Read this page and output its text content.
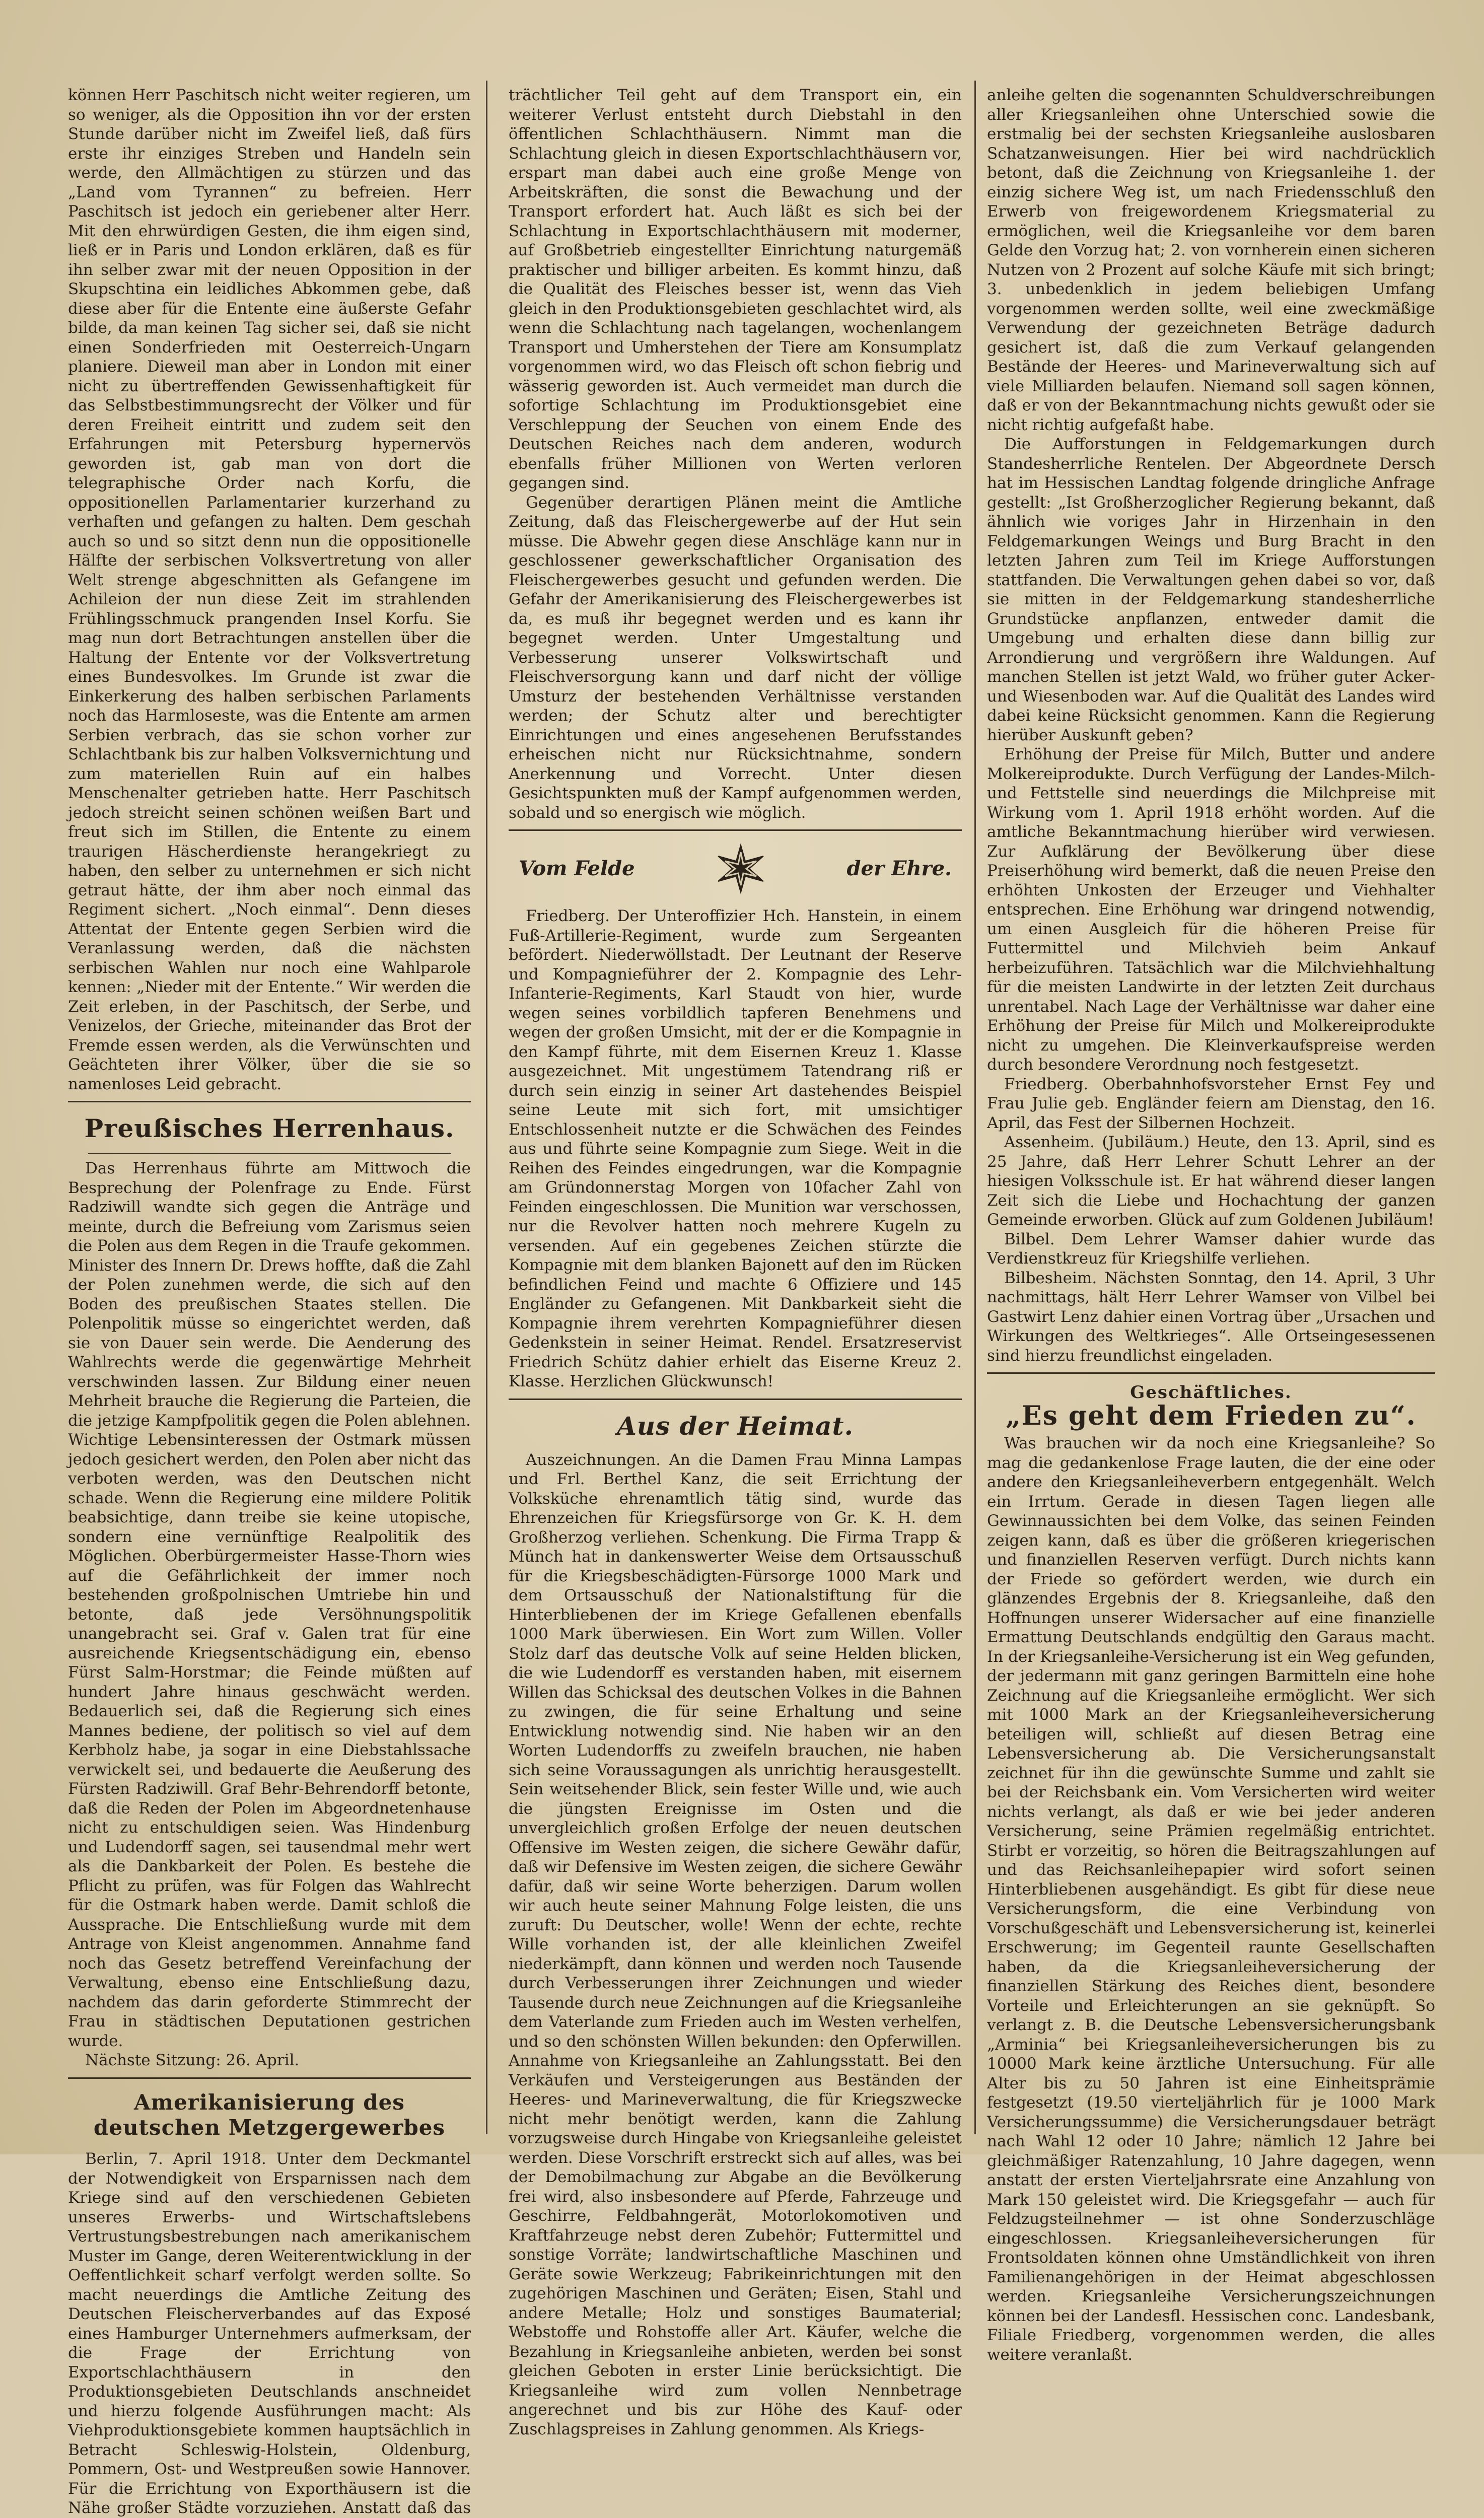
können Herr Paschitsch nicht weiter regieren, um so weniger, als die Opposition ihn vor der ersten Stunde darüber nicht im Zweifel ließ, daß fürs erste ihr einziges Streben und Handeln sein werde, den Allmächtigen zu stürzen und das „Land vom Tyrannen“ zu befreien. Herr Paschitsch ist jedoch ein geriebener alter Herr. Mit den ehrwürdigen Gesten, die ihm eigen sind, ließ er in Paris und London erklären, daß es für ihn selber zwar mit der neuen Opposition in der Skupschtina ein leidliches Abkommen gebe, daß diese aber für die Entente eine äußerste Gefahr bilde, da man keinen Tag sicher sei, daß sie nicht einen Sonderfrieden mit Oesterreich-Ungarn planiere. Dieweil man aber in London mit einer nicht zu übertreffenden Gewissenhaftigkeit für das Selbstbestimmungsrecht der Völker und für deren Freiheit eintritt und zudem seit den Erfahrungen mit Petersburg hypernervös geworden ist, gab man von dort die telegraphische Order nach Korfu, die oppositionellen Parlamentarier kurzerhand zu verhaften und gefangen zu halten. Dem geschah auch so und so sitzt denn nun die oppositionelle Hälfte der serbischen Volksvertretung von aller Welt strenge abgeschnitten als Gefangene im Achileion der nun diese Zeit im strahlenden Frühlingsschmuck prangenden Insel Korfu. Sie mag nun dort Betrachtungen anstellen über die Haltung der Entente vor der Volksvertretung eines Bundesvolkes. Im Grunde ist zwar die Einkerkerung des halben serbischen Parlaments noch das Harmloseste, was die Entente am armen Serbien verbrach, das sie schon vorher zur Schlachtbank bis zur halben Volksvernichtung und zum materiellen Ruin auf ein halbes Menschenalter getrieben hatte. Herr Paschitsch jedoch streicht seinen schönen weißen Bart und freut sich im Stillen, die Entente zu einem traurigen Häscherdienste herangekriegt zu haben, den selber zu unternehmen er sich nicht getraut hätte, der ihm aber noch einmal das Regiment sichert. „Noch einmal“. Denn dieses Attentat der Entente gegen Serbien wird die Veranlassung werden, daß die nächsten serbischen Wahlen nur noch eine Wahlparole kennen: „Nieder mit der Entente.“ Wir werden die Zeit erleben, in der Paschitsch, der Serbe, und Venizelos, der Grieche, miteinander das Brot der Fremde essen werden, als die Verwünschten und Geächteten ihrer Völker, über die sie so namenloses Leid gebracht.

Preußisches Herrenhaus.

Das Herrenhaus führte am Mittwoch die Besprechung der Polenfrage zu Ende. Fürst Radziwill wandte sich gegen die Anträge und meinte, durch die Befreiung vom Zarismus seien die Polen aus dem Regen in die Traufe gekommen. Minister des Innern Dr. Drews hoffte, daß die Zahl der Polen zunehmen werde, die sich auf den Boden des preußischen Staates stellen. Die Polenpolitik müsse so eingerichtet werden, daß sie von Dauer sein werde. Die Aenderung des Wahlrechts werde die gegenwärtige Mehrheit verschwinden lassen. Zur Bildung einer neuen Mehrheit brauche die Regierung die Parteien, die die jetzige Kampfpolitik gegen die Polen ablehnen. Wichtige Lebensinteressen der Ostmark müssen jedoch gesichert werden, den Polen aber nicht das verboten werden, was den Deutschen nicht schade. Wenn die Regierung eine mildere Politik beabsichtige, dann treibe sie keine utopische, sondern eine vernünftige Realpolitik des Möglichen. Oberbürgermeister Hasse-Thorn wies auf die Gefährlichkeit der immer noch bestehenden großpolnischen Umtriebe hin und betonte, daß jede Versöhnungspolitik unangebracht sei. Graf v. Galen trat für eine ausreichende Kriegsentschädigung ein, ebenso Fürst Salm-Horstmar; die Feinde müßten auf hundert Jahre hinaus geschwächt werden. Bedauerlich sei, daß die Regierung sich eines Mannes bediene, der politisch so viel auf dem Kerbholz habe, ja sogar in eine Diebstahlssache verwickelt sei, und bedauerte die Aeußerung des Fürsten Radziwill. Graf Behr-Behrendorff betonte, daß die Reden der Polen im Abgeordnetenhause nicht zu entschuldigen seien. Was Hindenburg und Ludendorff sagen, sei tausendmal mehr wert als die Dankbarkeit der Polen. Es bestehe die Pflicht zu prüfen, was für Folgen das Wahlrecht für die Ostmark haben werde. Damit schloß die Aussprache. Die Entschließung wurde mit dem Antrage von Kleist angenommen. Annahme fand noch das Gesetz betreffend Vereinfachung der Verwaltung, ebenso eine Entschließung dazu, nachdem das darin geforderte Stimmrecht der Frau in städtischen Deputationen gestrichen wurde.

Nächste Sitzung: 26. April.

Amerikanisierung des deutschen Metzgergewerbes

Berlin, 7. April 1918. Unter dem Deckmantel der Notwendigkeit von Ersparnissen nach dem Kriege sind auf den verschiedenen Gebieten unseres Erwerbs- und Wirtschaftslebens Vertrustungsbestrebungen nach amerikanischem Muster im Gange, deren Weiterentwicklung in der Oeffentlichkeit scharf verfolgt werden sollte. So macht neuerdings die Amtliche Zeitung des Deutschen Fleischerverbandes auf das Exposé eines Hamburger Unternehmers aufmerksam, der die Frage der Errichtung von Exportschlachthäusern in den Produktionsgebieten Deutschlands anschneidet und hierzu folgende Ausführungen macht: Als Viehproduktionsgebiete kommen hauptsächlich in Betracht Schleswig-Holstein, Oldenburg, Pommern, Ost- und Westpreußen sowie Hannover. Für die Errichtung von Exporthäusern ist die Nähe großer Städte vorzuziehen. Anstatt daß das

trächtlicher Teil geht auf dem Transport ein, ein weiterer Verlust entsteht durch Diebstahl in den öffentlichen Schlachthäusern. Nimmt man die Schlachtung gleich in diesen Exportschlachthäusern vor, erspart man dabei auch eine große Menge von Arbeitskräften, die sonst die Bewachung und der Transport erfordert hat. Auch läßt es sich bei der Schlachtung in Exportschlachthäusern mit moderner, auf Großbetrieb eingestellter Einrichtung naturgemäß praktischer und billiger arbeiten. Es kommt hinzu, daß die Qualität des Fleisches besser ist, wenn das Vieh gleich in den Produktionsgebieten geschlachtet wird, als wenn die Schlachtung nach tagelangen, wochenlangem Transport und Umherstehen der Tiere am Konsumplatz vorgenommen wird, wo das Fleisch oft schon fiebrig und wässerig geworden ist. Auch vermeidet man durch die sofortige Schlachtung im Produktionsgebiet eine Verschleppung der Seuchen von einem Ende des Deutschen Reiches nach dem anderen, wodurch ebenfalls früher Millionen von Werten verloren gegangen sind.

Gegenüber derartigen Plänen meint die Amtliche Zeitung, daß das Fleischergewerbe auf der Hut sein müsse. Die Abwehr gegen diese Anschläge kann nur in geschlossener gewerkschaftlicher Organisation des Fleischergewerbes gesucht und gefunden werden. Die Gefahr der Amerikanisierung des Fleischergewerbes ist da, es muß ihr begegnet werden und es kann ihr begegnet werden. Unter Umgestaltung und Verbesserung unserer Volkswirtschaft und Fleischversorgung kann und darf nicht der völlige Umsturz der bestehenden Verhältnisse verstanden werden; der Schutz alter und berechtigter Einrichtungen und eines angesehenen Berufsstandes erheischen nicht nur Rücksichtnahme, sondern Anerkennung und Vorrecht. Unter diesen Gesichtspunkten muß der Kampf aufgenommen werden, sobald und so energisch wie möglich.

Vom Felde	der Ehre.

Friedberg. Der Unteroffizier Hch. Hanstein, in einem Fuß-Artillerie-Regiment, wurde zum Sergeanten befördert. Niederwöllstadt. Der Leutnant der Reserve und Kompagnieführer der 2. Kompagnie des Lehr-Infanterie-Regiments, Karl Staudt von hier, wurde wegen seines vorbildlich tapferen Benehmens und wegen der großen Umsicht, mit der er die Kompagnie in den Kampf führte, mit dem Eisernen Kreuz 1. Klasse ausgezeichnet. Mit ungestümem Tatendrang riß er durch sein einzig in seiner Art dastehendes Beispiel seine Leute mit sich fort, mit umsichtiger Entschlossenheit nutzte er die Schwächen des Feindes aus und führte seine Kompagnie zum Siege. Weit in die Reihen des Feindes eingedrungen, war die Kompagnie am Gründonnerstag Morgen von 10facher Zahl von Feinden eingeschlossen. Die Munition war verschossen, nur die Revolver hatten noch mehrere Kugeln zu versenden. Auf ein gegebenes Zeichen stürzte die Kompagnie mit dem blanken Bajonett auf den im Rücken befindlichen Feind und machte 6 Offiziere und 145 Engländer zu Gefangenen. Mit Dankbarkeit sieht die Kompagnie ihrem verehrten Kompagnieführer diesen Gedenkstein in seiner Heimat. Rendel. Ersatzreservist Friedrich Schütz dahier erhielt das Eiserne Kreuz 2. Klasse. Herzlichen Glückwunsch!

Aus der Heimat.

Auszeichnungen. An die Damen Frau Minna Lampas und Frl. Berthel Kanz, die seit Errichtung der Volksküche ehrenamtlich tätig sind, wurde das Ehrenzeichen für Kriegsfürsorge von Gr. K. H. dem Großherzog verliehen. Schenkung. Die Firma Trapp & Münch hat in dankenswerter Weise dem Ortsausschuß für die Kriegsbeschädigten-Fürsorge 1000 Mark und dem Ortsausschuß der Nationalstiftung für die Hinterbliebenen der im Kriege Gefallenen ebenfalls 1000 Mark überwiesen. Ein Wort zum Willen. Voller Stolz darf das deutsche Volk auf seine Helden blicken, die wie Ludendorff es verstanden haben, mit eisernem Willen das Schicksal des deutschen Volkes in die Bahnen zu zwingen, die für seine Erhaltung und seine Entwicklung notwendig sind. Nie haben wir an den Worten Ludendorffs zu zweifeln brauchen, nie haben sich seine Voraussagungen als unrichtig herausgestellt. Sein weitsehender Blick, sein fester Wille und, wie auch die jüngsten Ereignisse im Osten und die unvergleichlich großen Erfolge der neuen deutschen Offensive im Westen zeigen, die sichere Gewähr dafür, daß wir Defensive im Westen zeigen, die sichere Gewähr dafür, daß wir seine Worte beherzigen. Darum wollen wir auch heute seiner Mahnung Folge leisten, die uns zuruft: Du Deutscher, wolle! Wenn der echte, rechte Wille vorhanden ist, der alle kleinlichen Zweifel niederkämpft, dann können und werden noch Tausende durch Verbesserungen ihrer Zeichnungen und wieder Tausende durch neue Zeichnungen auf die Kriegsanleihe dem Vaterlande zum Frieden auch im Westen verhelfen, und so den schönsten Willen bekunden: den Opferwillen. Annahme von Kriegsanleihe an Zahlungsstatt. Bei den Verkäufen und Versteigerungen aus Beständen der Heeres- und Marineverwaltung, die für Kriegszwecke nicht mehr benötigt werden, kann die Zahlung vorzugsweise durch Hingabe von Kriegsanleihe geleistet werden. Diese Vorschrift erstreckt sich auf alles, was bei der Demobilmachung zur Abgabe an die Bevölkerung frei wird, also insbesondere auf Pferde, Fahrzeuge und Geschirre, Feldbahngerät, Motorlokomotiven und Kraftfahrzeuge nebst deren Zubehör; Futtermittel und sonstige Vorräte; landwirtschaftliche Maschinen und Geräte sowie Werkzeug; Fabrikeinrichtungen mit den zugehörigen Maschinen und Geräten; Eisen, Stahl und andere Metalle; Holz und sonstiges Baumaterial; Webstoffe und Rohstoffe aller Art. Käufer, welche die Bezahlung in Kriegsanleihe anbieten, werden bei sonst gleichen Geboten in erster Linie berücksichtigt. Die Kriegsanleihe wird zum vollen Nennbetrage angerechnet und bis zur Höhe des Kauf- oder Zuschlagspreises in Zahlung genommen. Als Kriegs-

anleihe gelten die sogenannten Schuldverschreibungen aller Kriegsanleihen ohne Unterschied sowie die erstmalig bei der sechsten Kriegsanleihe auslosbaren Schatzanweisungen. Hier bei wird nachdrücklich betont, daß die Zeichnung von Kriegsanleihe 1. der einzig sichere Weg ist, um nach Friedensschluß den Erwerb von freigewordenem Kriegsmaterial zu ermöglichen, weil die Kriegsanleihe vor dem baren Gelde den Vorzug hat; 2. von vornherein einen sicheren Nutzen von 2 Prozent auf solche Käufe mit sich bringt; 3. unbedenklich in jedem beliebigen Umfang vorgenommen werden sollte, weil eine zweckmäßige Verwendung der gezeichneten Beträge dadurch gesichert ist, daß die zum Verkauf gelangenden Bestände der Heeres- und Marineverwaltung sich auf viele Milliarden belaufen. Niemand soll sagen können, daß er von der Bekanntmachung nichts gewußt oder sie nicht richtig aufgefaßt habe.

Die Aufforstungen in Feldgemarkungen durch Standesherrliche Rentelen. Der Abgeordnete Dersch hat im Hessischen Landtag folgende dringliche Anfrage gestellt: „Ist Großherzoglicher Regierung bekannt, daß ähnlich wie voriges Jahr in Hirzenhain in den Feldgemarkungen Weings und Burg Bracht in den letzten Jahren zum Teil im Kriege Aufforstungen stattfanden. Die Verwaltungen gehen dabei so vor, daß sie mitten in der Feldgemarkung standesherrliche Grundstücke anpflanzen, entweder damit die Umgebung und erhalten diese dann billig zur Arrondierung und vergrößern ihre Waldungen. Auf manchen Stellen ist jetzt Wald, wo früher guter Acker- und Wiesenboden war. Auf die Qualität des Landes wird dabei keine Rücksicht genommen. Kann die Regierung hierüber Auskunft geben?

Erhöhung der Preise für Milch, Butter und andere Molkereiprodukte. Durch Verfügung der Landes-Milch- und Fettstelle sind neuerdings die Milchpreise mit Wirkung vom 1. April 1918 erhöht worden. Auf die amtliche Bekanntmachung hierüber wird verwiesen. Zur Aufklärung der Bevölkerung über diese Preiserhöhung wird bemerkt, daß die neuen Preise den erhöhten Unkosten der Erzeuger und Viehhalter entsprechen. Eine Erhöhung war dringend notwendig, um einen Ausgleich für die höheren Preise für Futtermittel und Milchvieh beim Ankauf herbeizuführen. Tatsächlich war die Milchviehhaltung für die meisten Landwirte in der letzten Zeit durchaus unrentabel. Nach Lage der Verhältnisse war daher eine Erhöhung der Preise für Milch und Molkereiprodukte nicht zu umgehen. Die Kleinverkaufspreise werden durch besondere Verordnung noch festgesetzt.

Friedberg. Oberbahnhofsvorsteher Ernst Fey und Frau Julie geb. Engländer feiern am Dienstag, den 16. April, das Fest der Silbernen Hochzeit.

Assenheim. (Jubiläum.) Heute, den 13. April, sind es 25 Jahre, daß Herr Lehrer Schutt Lehrer an der hiesigen Volksschule ist. Er hat während dieser langen Zeit sich die Liebe und Hochachtung der ganzen Gemeinde erworben. Glück auf zum Goldenen Jubiläum!

Bilbel. Dem Lehrer Wamser dahier wurde das Verdienstkreuz für Kriegshilfe verliehen.

Bilbesheim. Nächsten Sonntag, den 14. April, 3 Uhr nachmittags, hält Herr Lehrer Wamser von Vilbel bei Gastwirt Lenz dahier einen Vortrag über „Ursachen und Wirkungen des Weltkrieges“. Alle Ortseingesessenen sind hierzu freundlichst eingeladen.

Geschäftliches.
„Es geht dem Frieden zu“.

Was brauchen wir da noch eine Kriegsanleihe? So mag die gedankenlose Frage lauten, die der eine oder andere den Kriegsanleiheverbern entgegenhält. Welch ein Irrtum. Gerade in diesen Tagen liegen alle Gewinnaussichten bei dem Volke, das seinen Feinden zeigen kann, daß es über die größeren kriegerischen und finanziellen Reserven verfügt. Durch nichts kann der Friede so gefördert werden, wie durch ein glänzendes Ergebnis der 8. Kriegsanleihe, daß den Hoffnungen unserer Widersacher auf eine finanzielle Ermattung Deutschlands endgültig den Garaus macht. In der Kriegsanleihe-Versicherung ist ein Weg gefunden, der jedermann mit ganz geringen Barmitteln eine hohe Zeichnung auf die Kriegsanleihe ermöglicht. Wer sich mit 1000 Mark an der Kriegsanleiheversicherung beteiligen will, schließt auf diesen Betrag eine Lebensversicherung ab. Die Versicherungsanstalt zeichnet für ihn die gewünschte Summe und zahlt sie bei der Reichsbank ein. Vom Versicherten wird weiter nichts verlangt, als daß er wie bei jeder anderen Versicherung, seine Prämien regelmäßig entrichtet. Stirbt er vorzeitig, so hören die Beitragszahlungen auf und das Reichsanleihepapier wird sofort seinen Hinterbliebenen ausgehändigt. Es gibt für diese neue Versicherungsform, die eine Verbindung von Vorschußgeschäft und Lebensversicherung ist, keinerlei Erschwerung; im Gegenteil raunte Gesellschaften haben, da die Kriegsanleiheversicherung der finanziellen Stärkung des Reiches dient, besondere Vorteile und Erleichterungen an sie geknüpft. So verlangt z. B. die Deutsche Lebensversicherungsbank „Arminia“ bei Kriegsanleiheversicherungen bis zu 10000 Mark keine ärztliche Untersuchung. Für alle Alter bis zu 50 Jahren ist eine Einheitsprämie festgesetzt (19.50 vierteljährlich für je 1000 Mark Versicherungssumme) die Versicherungsdauer beträgt nach Wahl 12 oder 10 Jahre; nämlich 12 Jahre bei gleichmäßiger Ratenzahlung, 10 Jahre dagegen, wenn anstatt der ersten Vierteljahrsrate eine Anzahlung von Mark 150 geleistet wird. Die Kriegsgefahr — auch für Feldzugsteilnehmer — ist ohne Sonderzuschläge eingeschlossen. Kriegsanleiheversicherungen für Frontsoldaten können ohne Umständlichkeit von ihren Familienangehörigen in der Heimat abgeschlossen werden. Kriegsanleihe Versicherungszeichnungen können bei der Landesfl. Hessischen conc. Landesbank, Filiale Friedberg, vorgenommen werden, die alles weitere veranlaßt.
